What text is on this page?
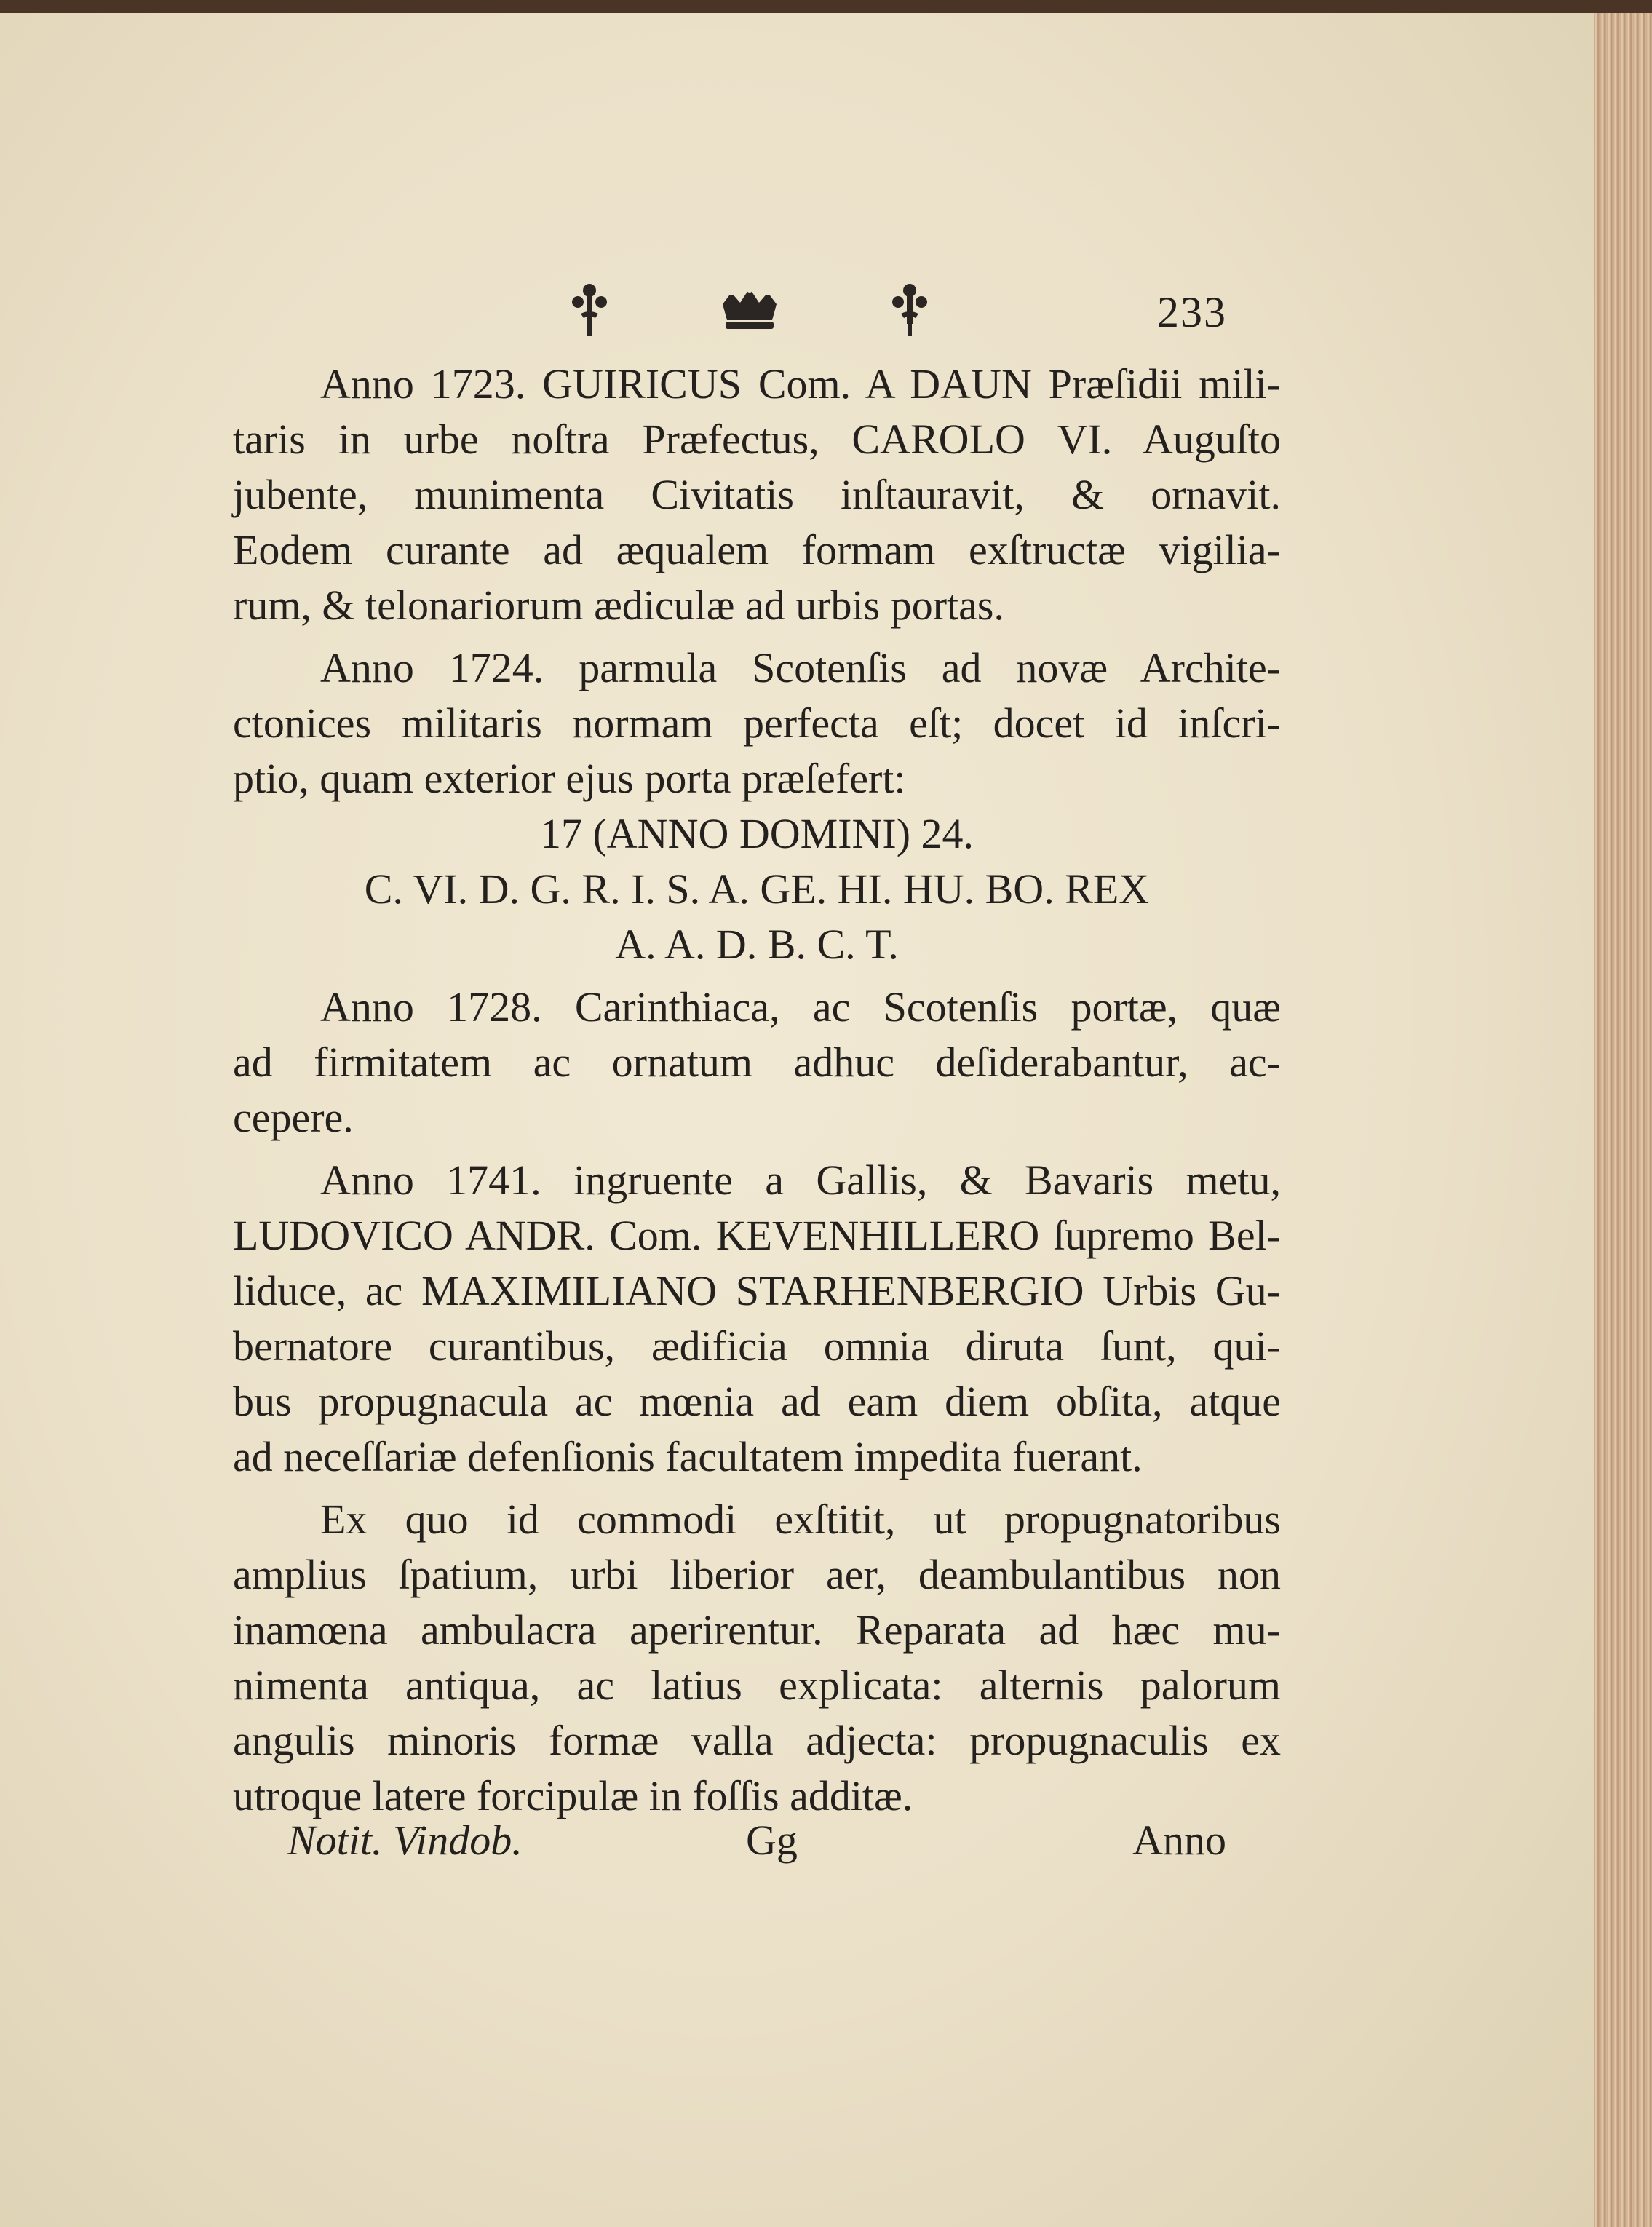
233
Anno 1723. GUIRICUS Com. A DAUN Præſidii mili-
taris in urbe noſtra Præfectus, CAROLO VI. Auguſto
jubente, munimenta Civitatis inſtauravit, & ornavit.
Eodem curante ad æqualem formam exſtructæ vigilia-
rum, & telonariorum ædiculæ ad urbis portas.
Anno 1724. parmula Scotenſis ad novæ Archite-
ctonices militaris normam perfecta eſt; docet id inſcri-
ptio, quam exterior ejus porta præſefert:
17 (ANNO DOMINI) 24.
C. VI. D. G. R. I. S. A. GE. HI. HU. BO. REX
A. A. D. B. C. T.
Anno 1728. Carinthiaca, ac Scotenſis portæ, quæ
ad firmitatem ac ornatum adhuc deſiderabantur, ac-
cepere.
Anno 1741. ingruente a Gallis, & Bavaris metu,
LUDOVICO ANDR. Com. KEVENHILLERO ſupremo Bel-
liduce, ac MAXIMILIANO STARHENBERGIO Urbis Gu-
bernatore curantibus, ædificia omnia diruta ſunt, qui-
bus propugnacula ac mœnia ad eam diem obſita, atque
ad neceſſariæ defenſionis facultatem impedita fuerant.
Ex quo id commodi exſtitit, ut propugnatoribus
amplius ſpatium, urbi liberior aer, deambulantibus non
inamœna ambulacra aperirentur. Reparata ad hæc mu-
nimenta antiqua, ac latius explicata: alternis palorum
angulis minoris formæ valla adjecta: propugnaculis ex
utroque latere forcipulæ in foſſis additæ.
Notit. Vindob.	Gg	Anno
